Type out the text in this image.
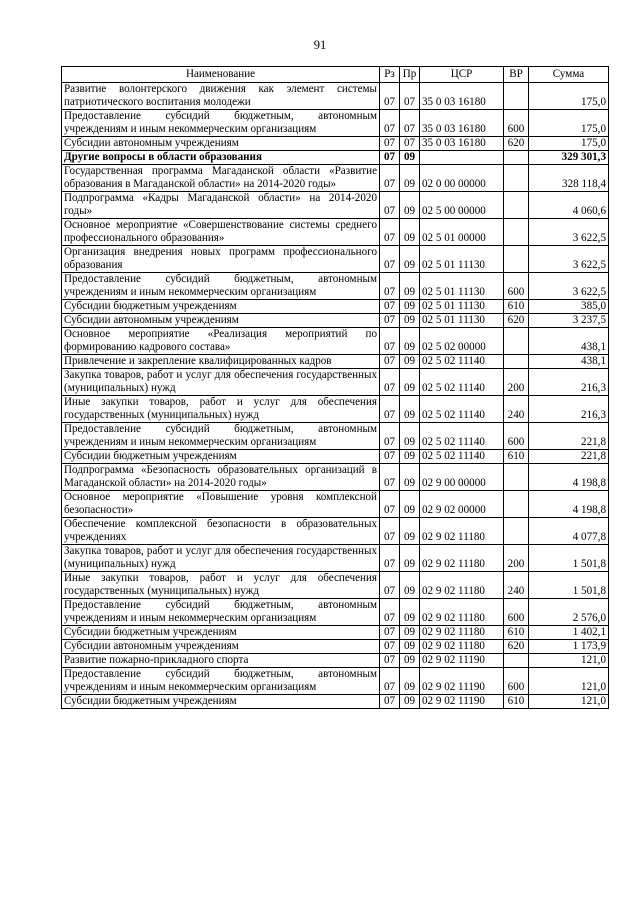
91
Наименование	Рз	Пр	ЦСР	ВР	Сумма
Развитие волонтерского движения как элемент системы патриотического воспитания молодежи	07	07	35 0 03 16180		175,0
Предоставление субсидий бюджетным, автономным учреждениям и иным некоммерческим организациям	07	07	35 0 03 16180	600	175,0
Субсидии автономным учреждениям	07	07	35 0 03 16180	620	175,0
Другие вопросы в области образования	07	09			329 301,3
Государственная программа Магаданской области «Развитие образования в Магаданской области» на 2014-2020 годы»	07	09	02 0 00 00000		328 118,4
Подпрограмма «Кадры Магаданской области» на 2014-2020 годы»	07	09	02 5 00 00000		4 060,6
Основное мероприятие «Совершенствование системы среднего профессионального образования»	07	09	02 5 01 00000		3 622,5
Организация внедрения новых программ профессионального образования	07	09	02 5 01 11130		3 622,5
Предоставление субсидий бюджетным, автономным учреждениям и иным некоммерческим организациям	07	09	02 5 01 11130	600	3 622,5
Субсидии бюджетным учреждениям	07	09	02 5 01 11130	610	385,0
Субсидии автономным учреждениям	07	09	02 5 01 11130	620	3 237,5
Основное мероприятие «Реализация мероприятий по формированию кадрового состава»	07	09	02 5 02 00000		438,1
Привлечение и закрепление квалифицированных кадров	07	09	02 5 02 11140		438,1
Закупка товаров, работ и услуг для обеспечения государственных (муниципальных) нужд	07	09	02 5 02 11140	200	216,3
Иные закупки товаров, работ и услуг для обеспечения государственных (муниципальных) нужд	07	09	02 5 02 11140	240	216,3
Предоставление субсидий бюджетным, автономным учреждениям и иным некоммерческим организациям	07	09	02 5 02 11140	600	221,8
Субсидии бюджетным учреждениям	07	09	02 5 02 11140	610	221,8
Подпрограмма «Безопасность образовательных организаций в Магаданской области» на 2014-2020 годы»	07	09	02 9 00 00000		4 198,8
Основное мероприятие «Повышение уровня комплексной безопасности»	07	09	02 9 02 00000		4 198,8
Обеспечение комплексной безопасности в образовательных учреждениях	07	09	02 9 02 11180		4 077,8
Закупка товаров, работ и услуг для обеспечения государственных (муниципальных) нужд	07	09	02 9 02 11180	200	1 501,8
Иные закупки товаров, работ и услуг для обеспечения государственных (муниципальных) нужд	07	09	02 9 02 11180	240	1 501,8
Предоставление субсидий бюджетным, автономным учреждениям и иным некоммерческим организациям	07	09	02 9 02 11180	600	2 576,0
Субсидии бюджетным учреждениям	07	09	02 9 02 11180	610	1 402,1
Субсидии автономным учреждениям	07	09	02 9 02 11180	620	1 173,9
Развитие пожарно-прикладного спорта	07	09	02 9 02 11190		121,0
Предоставление субсидий бюджетным, автономным учреждениям и иным некоммерческим организациям	07	09	02 9 02 11190	600	121,0
Субсидии бюджетным учреждениям	07	09	02 9 02 11190	610	121,0
